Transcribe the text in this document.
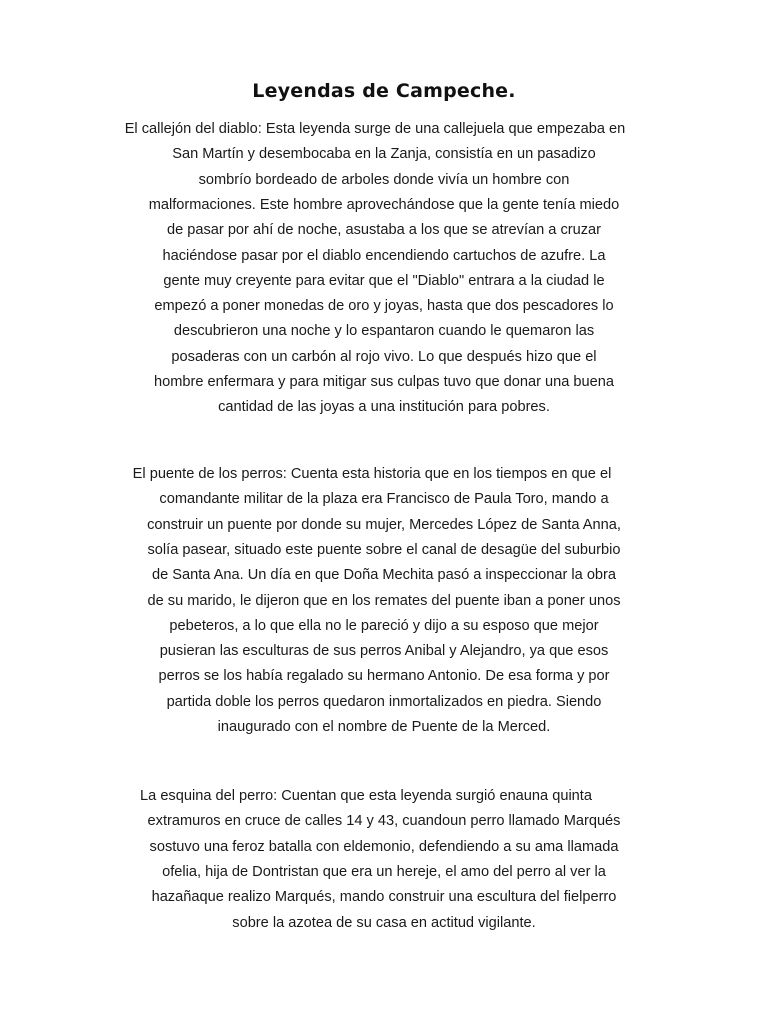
Leyendas de Campeche.
El callejón del diablo: Esta leyenda surge de una callejuela que empezaba en
San Martín y desembocaba en la Zanja, consistía en un pasadizo
sombrío bordeado de arboles donde vivía un hombre con
malformaciones. Este hombre aprovechándose que la gente tenía miedo
de pasar por ahí de noche, asustaba a los que se atrevían a cruzar
haciéndose pasar por el diablo encendiendo cartuchos de azufre. La
gente muy creyente para evitar que el "Diablo" entrara a la ciudad le
empezó a poner monedas de oro y joyas, hasta que dos pescadores lo
descubrieron una noche y lo espantaron cuando le quemaron las
posaderas con un carbón al rojo vivo. Lo que después hizo que el
hombre enfermara y para mitigar sus culpas tuvo que donar una buena
cantidad de las joyas a una institución para pobres.
El puente de los perros: Cuenta esta historia que en los tiempos en que el
comandante militar de la plaza era Francisco de Paula Toro, mando a
construir un puente por donde su mujer, Mercedes López de Santa Anna,
solía pasear, situado este puente sobre el canal de desagüe del suburbio
de Santa Ana. Un día en que Doña Mechita pasó a inspeccionar la obra
de su marido, le dijeron que en los remates del puente iban a poner unos
pebeteros, a lo que ella no le pareció y dijo a su esposo que mejor
pusieran las esculturas de sus perros Anibal y Alejandro, ya que esos
perros se los había regalado su hermano Antonio. De esa forma y por
partida doble los perros quedaron inmortalizados en piedra. Siendo
inaugurado con el nombre de Puente de la Merced.
La esquina del perro: Cuentan que esta leyenda surgió enauna quinta
extramuros en cruce de calles 14 y 43, cuandoun perro llamado Marqués
sostuvo una feroz batalla con eldemonio, defendiendo a su ama llamada
ofelia, hija de Dontristan que era un hereje, el amo del perro al ver la
hazañaque realizo Marqués, mando construir una escultura del fielperro
sobre la azotea de su casa en actitud vigilante.
